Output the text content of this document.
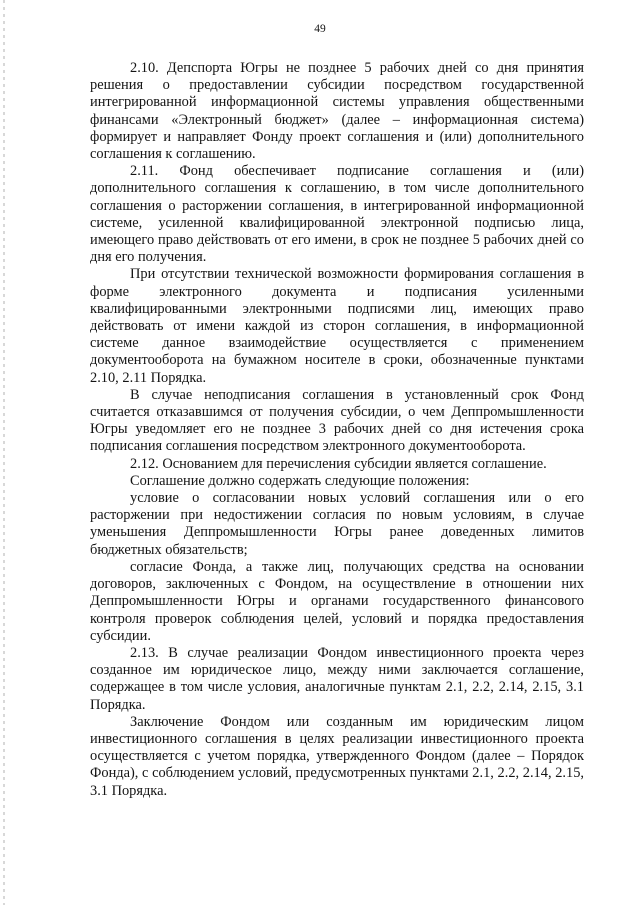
49

2.10. Депспорта Югры не позднее 5 рабочих дней со дня принятия решения о предоставлении субсидии посредством государственной интегрированной информационной системы управления общественными финансами «Электронный бюджет» (далее – информационная система) формирует и направляет Фонду проект соглашения и (или) дополнительного соглашения к соглашению.

2.11. Фонд обеспечивает подписание соглашения и (или) дополнительного соглашения к соглашению, в том числе дополнительного соглашения о расторжении соглашения, в интегрированной информационной системе, усиленной квалифицированной электронной подписью лица, имеющего право действовать от его имени, в срок не позднее 5 рабочих дней со дня его получения.

При отсутствии технической возможности формирования соглашения в форме электронного документа и подписания усиленными квалифицированными электронными подписями лиц, имеющих право действовать от имени каждой из сторон соглашения, в информационной системе данное взаимодействие осуществляется с применением документооборота на бумажном носителе в сроки, обозначенные пунктами 2.10, 2.11 Порядка.

В случае неподписания соглашения в установленный срок Фонд считается отказавшимся от получения субсидии, о чем Деппромышленности Югры уведомляет его не позднее 3 рабочих дней со дня истечения срока подписания соглашения посредством электронного документооборота.

2.12. Основанием для перечисления субсидии является соглашение.

Соглашение должно содержать следующие положения:

условие о согласовании новых условий соглашения или о его расторжении при недостижении согласия по новым условиям, в случае уменьшения Деппромышленности Югры ранее доведенных лимитов бюджетных обязательств;

согласие Фонда, а также лиц, получающих средства на основании договоров, заключенных с Фондом, на осуществление в отношении них Деппромышленности Югры и органами государственного финансового контроля проверок соблюдения целей, условий и порядка предоставления субсидии.

2.13. В случае реализации Фондом инвестиционного проекта через созданное им юридическое лицо, между ними заключается соглашение, содержащее в том числе условия, аналогичные пунктам 2.1, 2.2, 2.14, 2.15, 3.1 Порядка.

Заключение Фондом или созданным им юридическим лицом инвестиционного соглашения в целях реализации инвестиционного проекта осуществляется с учетом порядка, утвержденного Фондом (далее – Порядок Фонда), с соблюдением условий, предусмотренных пунктами 2.1, 2.2, 2.14, 2.15, 3.1 Порядка.
